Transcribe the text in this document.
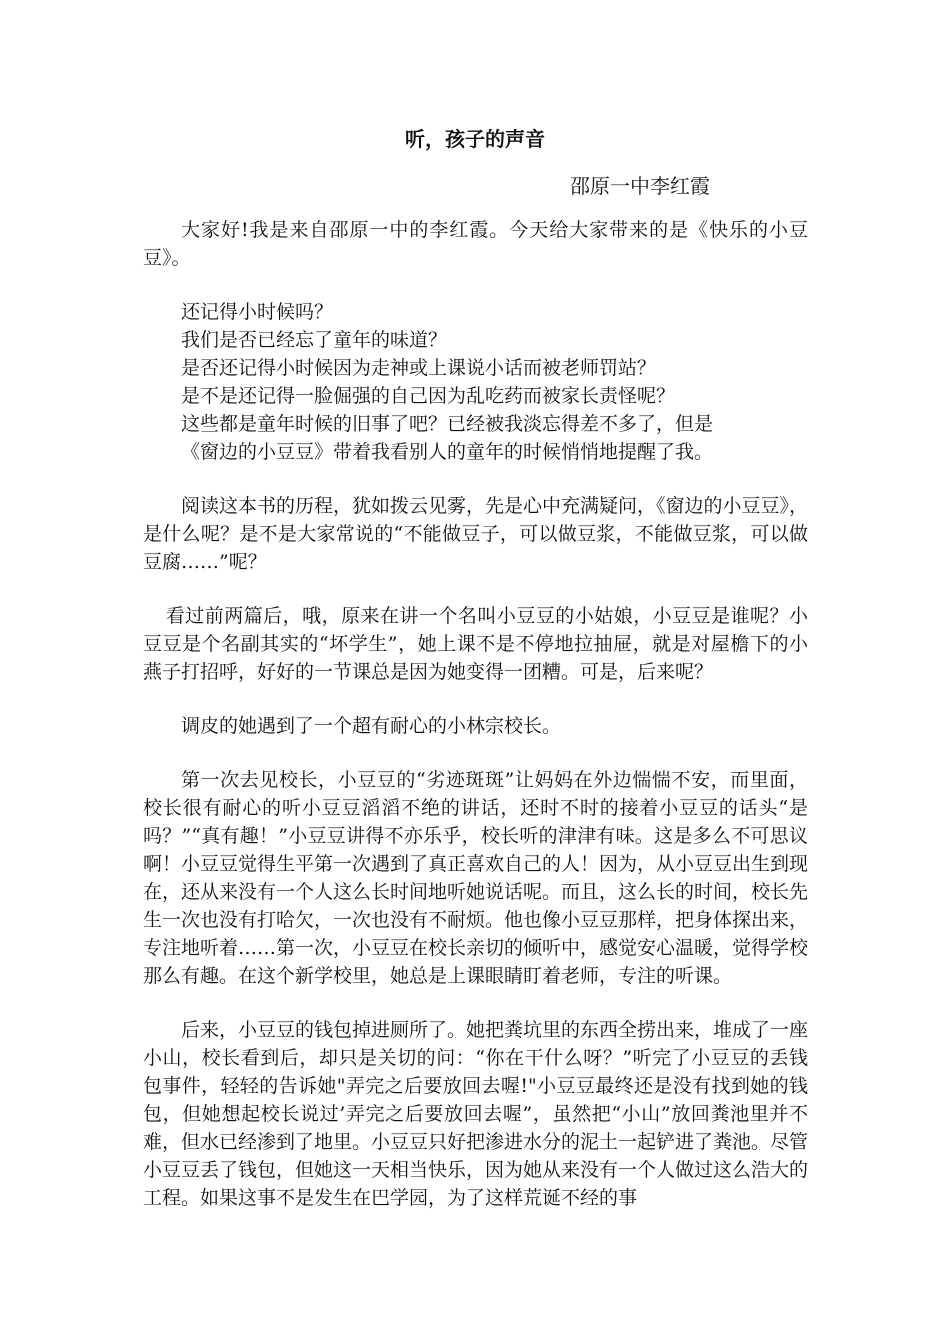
听，孩子的声音
邵原一中李红霞

大家好!我是来自邵原一中的李红霞。今天给大家带来的是《快乐的小豆豆》。

还记得小时候吗？
我们是否已经忘了童年的味道？
是否还记得小时候因为走神或上课说小话而被老师罚站？
是不是还记得一脸倔强的自己因为乱吃药而被家长责怪呢？
这些都是童年时候的旧事了吧？已经被我淡忘得差不多了，但是
《窗边的小豆豆》带着我看别人的童年的时候悄悄地提醒了我。

阅读这本书的历程，犹如拨云见雾，先是心中充满疑问，《窗边的小豆豆》，是什么呢？是不是大家常说的“不能做豆子，可以做豆浆，不能做豆浆，可以做豆腐……”呢？

看过前两篇后，哦，原来在讲一个名叫小豆豆的小姑娘，小豆豆是谁呢？小豆豆是个名副其实的“坏学生”，她上课不是不停地拉抽屉，就是对屋檐下的小燕子打招呼，好好的一节课总是因为她变得一团糟。可是，后来呢？

调皮的她遇到了一个超有耐心的小林宗校长。

第一次去见校长，小豆豆的“劣迹斑斑”让妈妈在外边惴惴不安，而里面，校长很有耐心的听小豆豆滔滔不绝的讲话，还时不时的接着小豆豆的话头“是吗？”“真有趣！”小豆豆讲得不亦乐乎，校长听的津津有味。这是多么不可思议啊！小豆豆觉得生平第一次遇到了真正喜欢自己的人！因为，从小豆豆出生到现在，还从来没有一个人这么长时间地听她说话呢。而且，这么长的时间，校长先生一次也没有打哈欠，一次也没有不耐烦。他也像小豆豆那样，把身体探出来，专注地听着……第一次，小豆豆在校长亲切的倾听中，感觉安心温暖，觉得学校那么有趣。在这个新学校里，她总是上课眼睛盯着老师，专注的听课。

后来，小豆豆的钱包掉进厕所了。她把粪坑里的东西全捞出来，堆成了一座小山，校长看到后，却只是关切的问：“你在干什么呀？”听完了小豆豆的丢钱包事件，轻轻的告诉她"弄完之后要放回去喔!"小豆豆最终还是没有找到她的钱包，但她想起校长说过’弄完之后要放回去喔”，虽然把“小山”放回粪池里并不难，但水已经渗到了地里。小豆豆只好把渗进水分的泥土一起铲进了粪池。尽管小豆豆丢了钱包，但她这一天相当快乐，因为她从来没有一个人做过这么浩大的工程。如果这事不是发生在巴学园，为了这样荒诞不经的事
